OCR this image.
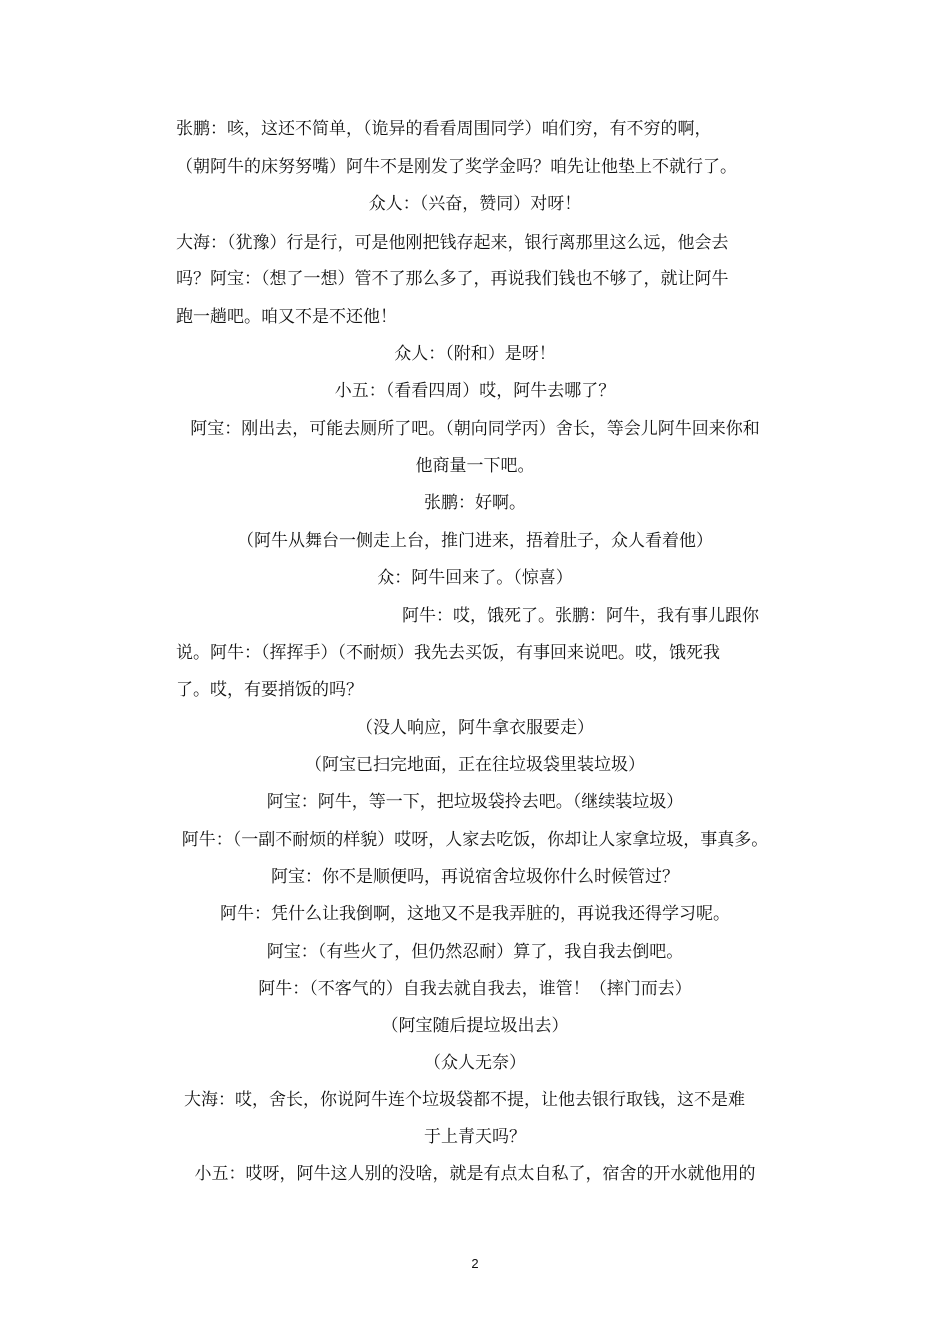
张鹏：咳，这还不简单，（诡异的看看周围同学）咱们穷，有不穷的啊，
（朝阿牛的床努努嘴）阿牛不是刚发了奖学金吗？咱先让他垫上不就行了。
众人：（兴奋，赞同）对呀！
大海：（犹豫）行是行，可是他刚把钱存起来，银行离那里这么远，他会去
吗？阿宝：（想了一想）管不了那么多了，再说我们钱也不够了，就让阿牛
跑一趟吧。咱又不是不还他！
众人：（附和）是呀！
小五：（看看四周）哎，阿牛去哪了？
阿宝：刚出去，可能去厕所了吧。（朝向同学丙）舍长，等会儿阿牛回来你和
他商量一下吧。
张鹏：好啊。
（阿牛从舞台一侧走上台，推门进来，捂着肚子，众人看着他）
众：阿牛回来了。（惊喜）
阿牛：哎，饿死了。张鹏：阿牛，我有事儿跟你
说。阿牛：（挥挥手）（不耐烦）我先去买饭，有事回来说吧。哎，饿死我
了。哎，有要捎饭的吗？
（没人响应，阿牛拿衣服要走）
（阿宝已扫完地面，正在往垃圾袋里装垃圾）
阿宝：阿牛，等一下，把垃圾袋拎去吧。（继续装垃圾）
阿牛：（一副不耐烦的样貌）哎呀，人家去吃饭，你却让人家拿垃圾，事真多。
阿宝：你不是顺便吗，再说宿舍垃圾你什么时候管过？
阿牛：凭什么让我倒啊，这地又不是我弄脏的，再说我还得学习呢。
阿宝：（有些火了，但仍然忍耐）算了，我自我去倒吧。
阿牛：（不客气的）自我去就自我去，谁管！（摔门而去）
（阿宝随后提垃圾出去）
（众人无奈）
大海：哎，舍长，你说阿牛连个垃圾袋都不提，让他去银行取钱，这不是难
于上青天吗？
小五：哎呀，阿牛这人别的没啥，就是有点太自私了，宿舍的开水就他用的
2
